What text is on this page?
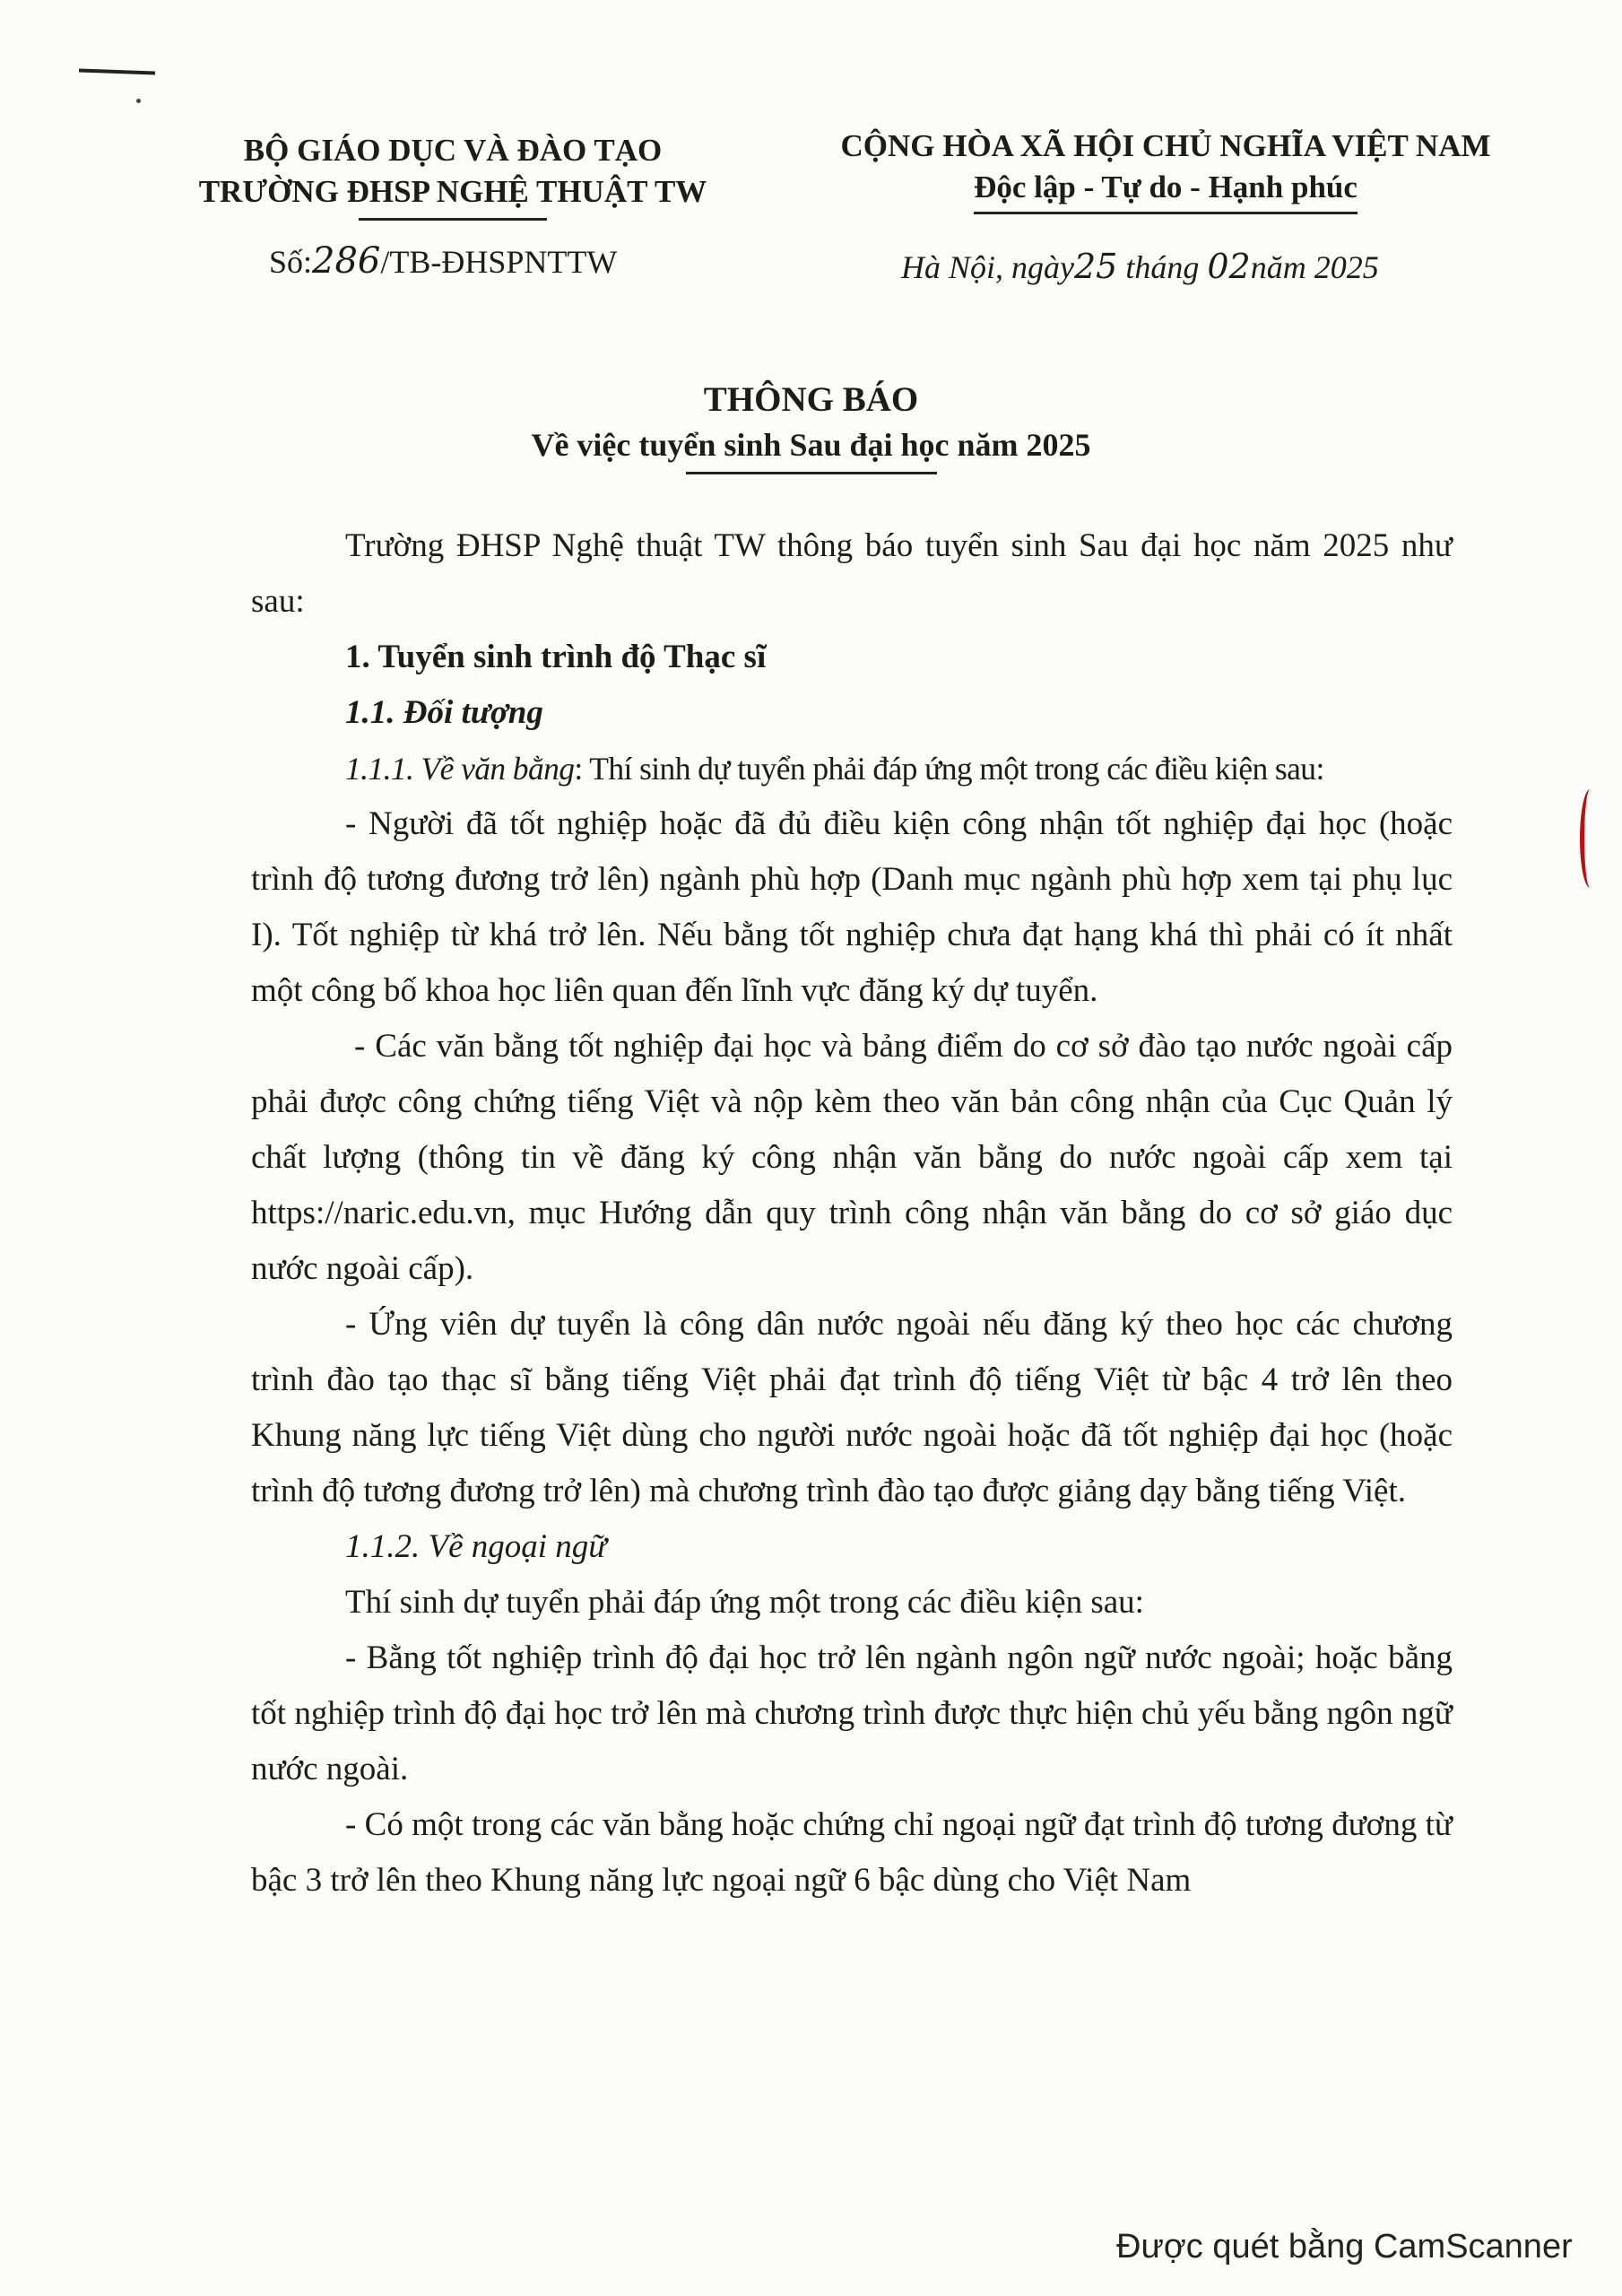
BỘ GIÁO DỤC VÀ ĐÀO TẠO
TRƯỜNG ĐHSP NGHỆ THUẬT TW
CỘNG HÒA XÃ HỘI CHỦ NGHĨA VIỆT NAM
Độc lập - Tự do - Hạnh phúc
Số:286/TB-ĐHSPNTTW	Hà Nội, ngày25 tháng 02năm 2025
THÔNG BÁO
Về việc tuyển sinh Sau đại học năm 2025

Trường ĐHSP Nghệ thuật TW thông báo tuyển sinh Sau đại học năm 2025 như sau:

1. Tuyển sinh trình độ Thạc sĩ

1.1. Đối tượng

1.1.1. Về văn bằng: Thí sinh dự tuyển phải đáp ứng một trong các điều kiện sau:

- Người đã tốt nghiệp hoặc đã đủ điều kiện công nhận tốt nghiệp đại học (hoặc trình độ tương đương trở lên) ngành phù hợp (Danh mục ngành phù hợp xem tại phụ lục I). Tốt nghiệp từ khá trở lên. Nếu bằng tốt nghiệp chưa đạt hạng khá thì phải có ít nhất một công bố khoa học liên quan đến lĩnh vực đăng ký dự tuyển.

- Các văn bằng tốt nghiệp đại học và bảng điểm do cơ sở đào tạo nước ngoài cấp phải được công chứng tiếng Việt và nộp kèm theo văn bản công nhận của Cục Quản lý chất lượng (thông tin về đăng ký công nhận văn bằng do nước ngoài cấp xem tại https://naric.edu.vn, mục Hướng dẫn quy trình công nhận văn bằng do cơ sở giáo dục nước ngoài cấp).

- Ứng viên dự tuyển là công dân nước ngoài nếu đăng ký theo học các chương trình đào tạo thạc sĩ bằng tiếng Việt phải đạt trình độ tiếng Việt từ bậc 4 trở lên theo Khung năng lực tiếng Việt dùng cho người nước ngoài hoặc đã tốt nghiệp đại học (hoặc trình độ tương đương trở lên) mà chương trình đào tạo được giảng dạy bằng tiếng Việt.

1.1.2. Về ngoại ngữ

Thí sinh dự tuyển phải đáp ứng một trong các điều kiện sau:

- Bằng tốt nghiệp trình độ đại học trở lên ngành ngôn ngữ nước ngoài; hoặc bằng tốt nghiệp trình độ đại học trở lên mà chương trình được thực hiện chủ yếu bằng ngôn ngữ nước ngoài.

- Có một trong các văn bằng hoặc chứng chỉ ngoại ngữ đạt trình độ tương đương từ bậc 3 trở lên theo Khung năng lực ngoại ngữ 6 bậc dùng cho Việt Nam

Được quét bằng CamScanner
